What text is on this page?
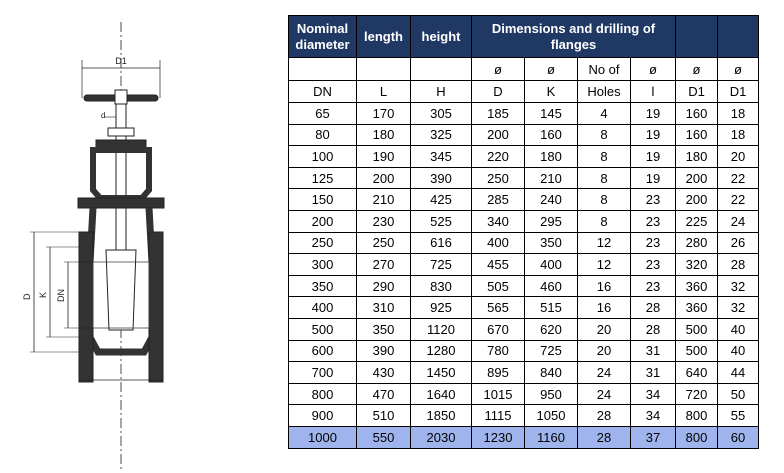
D1
d
D K DN
Nominal diameter	length	height	Dimensions and drilling of flanges					
			ø	ø	No of	ø	ø	ø
DN	L	H	D	K	Holes	l	D1	D1
65	170	305	185	145	4	19	160	18
80	180	325	200	160	8	19	160	18
100	190	345	220	180	8	19	180	20
125	200	390	250	210	8	19	200	22
150	210	425	285	240	8	23	200	22
200	230	525	340	295	8	23	225	24
250	250	616	400	350	12	23	280	26
300	270	725	455	400	12	23	320	28
350	290	830	505	460	16	23	360	32
400	310	925	565	515	16	28	360	32
500	350	1120	670	620	20	28	500	40
600	390	1280	780	725	20	31	500	40
700	430	1450	895	840	24	31	640	44
800	470	1640	1015	950	24	34	720	50
900	510	1850	1115	1050	28	34	800	55
1000	550	2030	1230	1160	28	37	800	60
